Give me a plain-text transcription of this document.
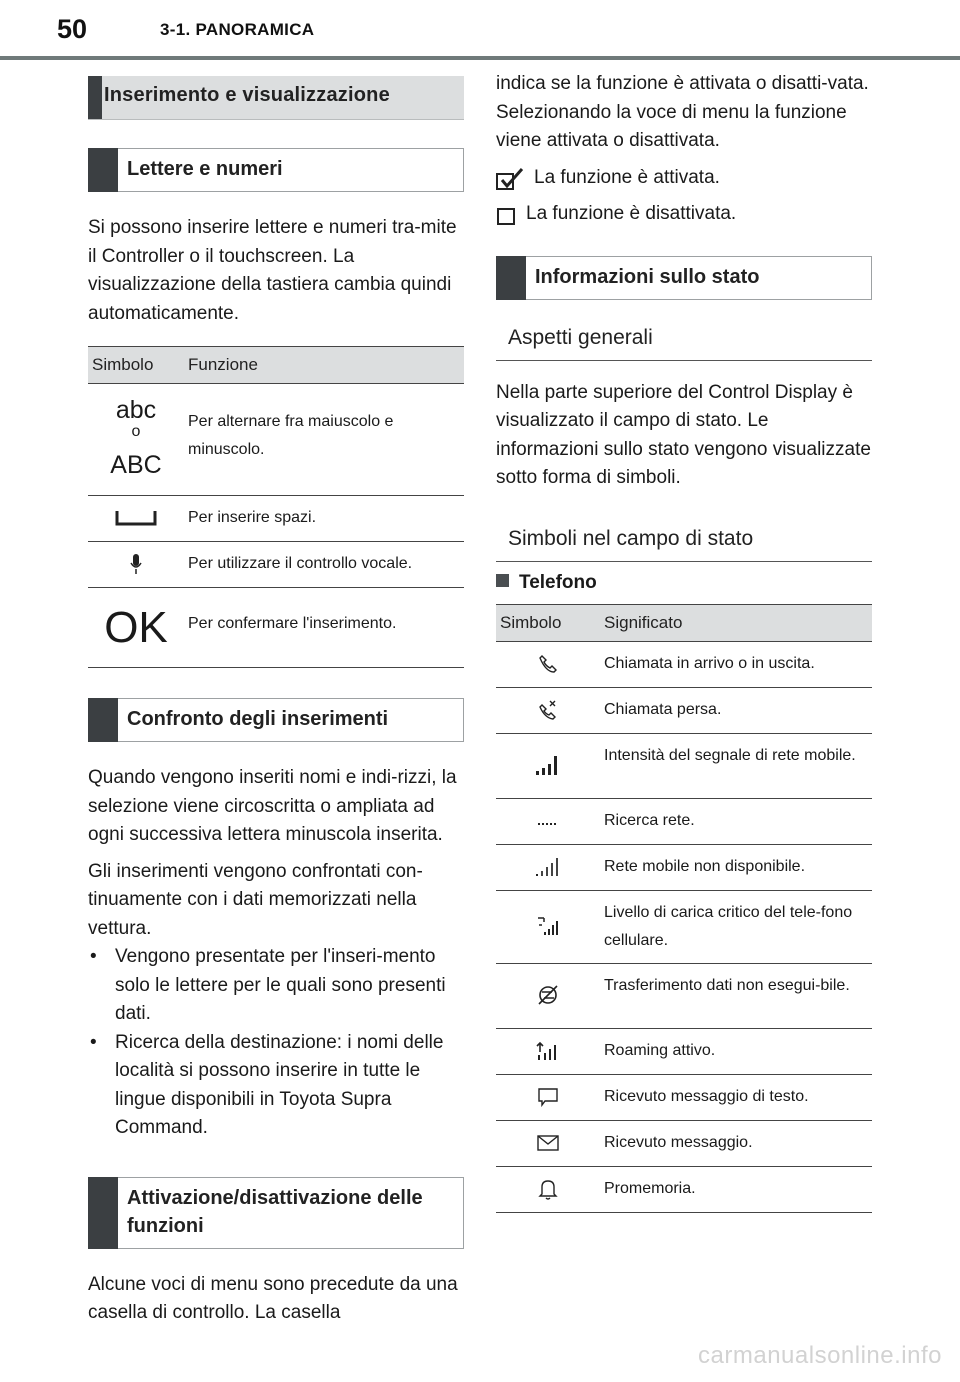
50	3-1. PANORAMICA
Inserimento e visualizzazione
Lettere e numeri

Si possono inserire lettere e numeri tra-mite il Controller o il touchscreen. La visualizzazione della tastiera cambia quindi automaticamente.

Simbolo	Funzione

abc
o
ABC	Per alternare fra maiuscolo e minuscolo.
	Per inserire spazi.
	Per utilizzare il controllo vocale.
OK	Per confermare l'inserimento.
Confronto degli inserimenti

Quando vengono inseriti nomi e indi-rizzi, la selezione viene circoscritta o ampliata ad ogni successiva lettera minuscola inserita.

Gli inserimenti vengono confrontati con-tinuamente con i dati memorizzati nella vettura.

• Vengono presentate per l'inseri-mento solo le lettere per le quali sono presenti dati.
• Ricerca della destinazione: i nomi delle località si possono inserire in tutte le lingue disponibili in Toyota Supra Command.
Attivazione/disattivazione delle funzioni

Alcune voci di menu sono precedute da una casella di controllo. La casella

indica se la funzione è attivata o disatti-vata. Selezionando la voce di menu la funzione viene attivata o disattivata.

La funzione è attivata.
La funzione è disattivata.
Informazioni sullo stato
Aspetti generali

Nella parte superiore del Control Display è visualizzato il campo di stato. Le informazioni sullo stato vengono visualizzate sotto forma di simboli.

Simboli nel campo di stato
Telefono
Simbolo	Significato
	Chiamata in arrivo o in uscita.
	Chiamata persa.
	Intensità del segnale di rete mobile.
	Ricerca rete.
	Rete mobile non disponibile.
	Livello di carica critico del tele-fono cellulare.
	Trasferimento dati non esegui-bile.
	Roaming attivo.
	Ricevuto messaggio di testo.
	Ricevuto messaggio.
	Promemoria.
carmanualsonline.info
